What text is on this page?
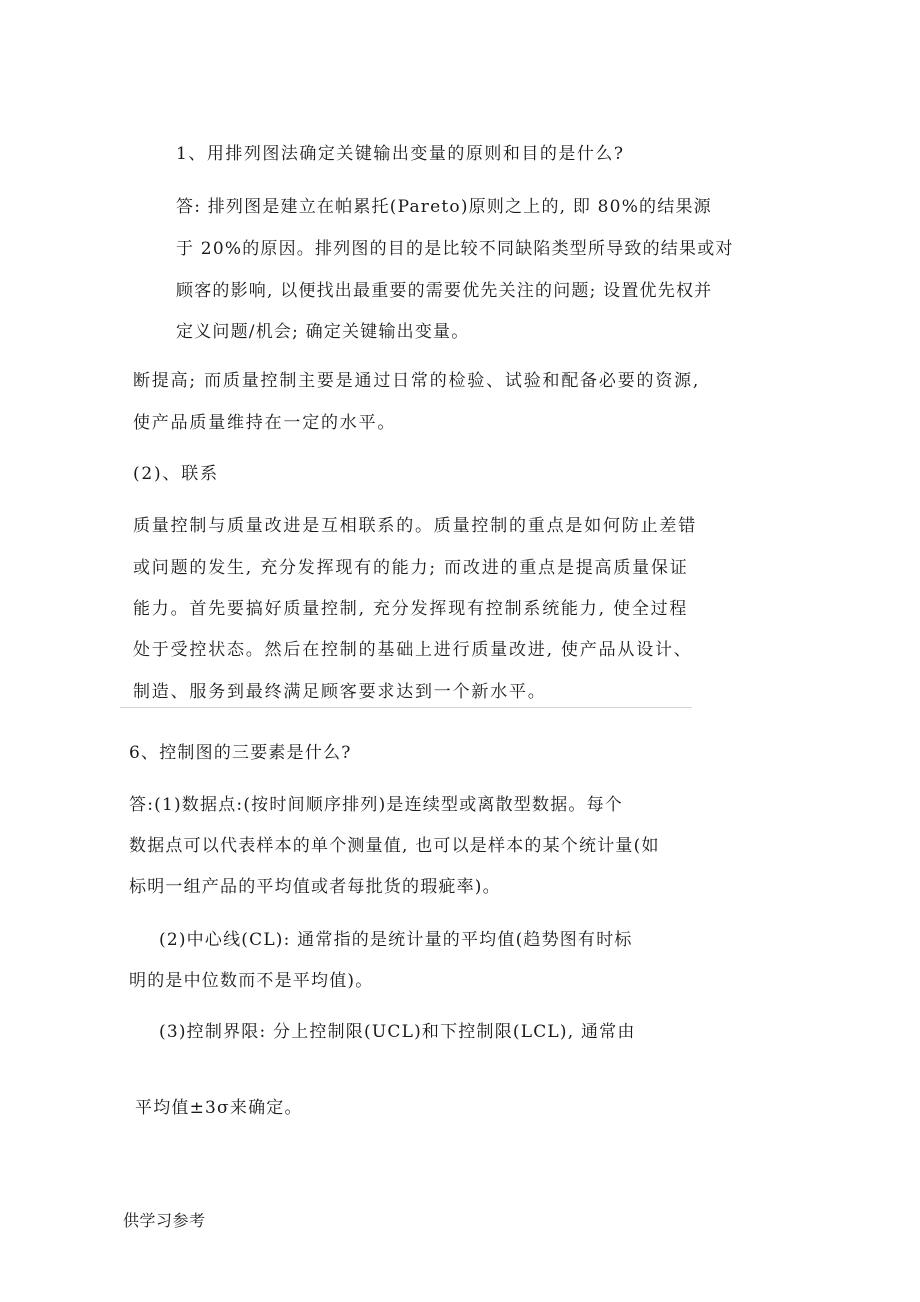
1、用排列图法确定关键输出变量的原则和目的是什么?
答: 排列图是建立在帕累托(Pareto)原则之上的, 即 80%的结果源
于 20%的原因。排列图的目的是比较不同缺陷类型所导致的结果或对
顾客的影响, 以便找出最重要的需要优先关注的问题; 设置优先权并
定义问题/机会; 确定关键输出变量。
断提高; 而质量控制主要是通过日常的检验、试验和配备必要的资源,
使产品质量维持在一定的水平。
(2)、联系
质量控制与质量改进是互相联系的。质量控制的重点是如何防止差错
或问题的发生, 充分发挥现有的能力; 而改进的重点是提高质量保证
能力。首先要搞好质量控制, 充分发挥现有控制系统能力, 使全过程
处于受控状态。然后在控制的基础上进行质量改进, 使产品从设计、
制造、服务到最终满足顾客要求达到一个新水平。
6、控制图的三要素是什么?
答:(1)数据点:(按时间顺序排列)是连续型或离散型数据。每个
数据点可以代表样本的单个测量值, 也可以是样本的某个统计量(如
标明一组产品的平均值或者每批货的瑕疵率)。
(2)中心线(CL): 通常指的是统计量的平均值(趋势图有时标
明的是中位数而不是平均值)。
(3)控制界限: 分上控制限(UCL)和下控制限(LCL), 通常由
平均值±3σ来确定。
供学习参考
